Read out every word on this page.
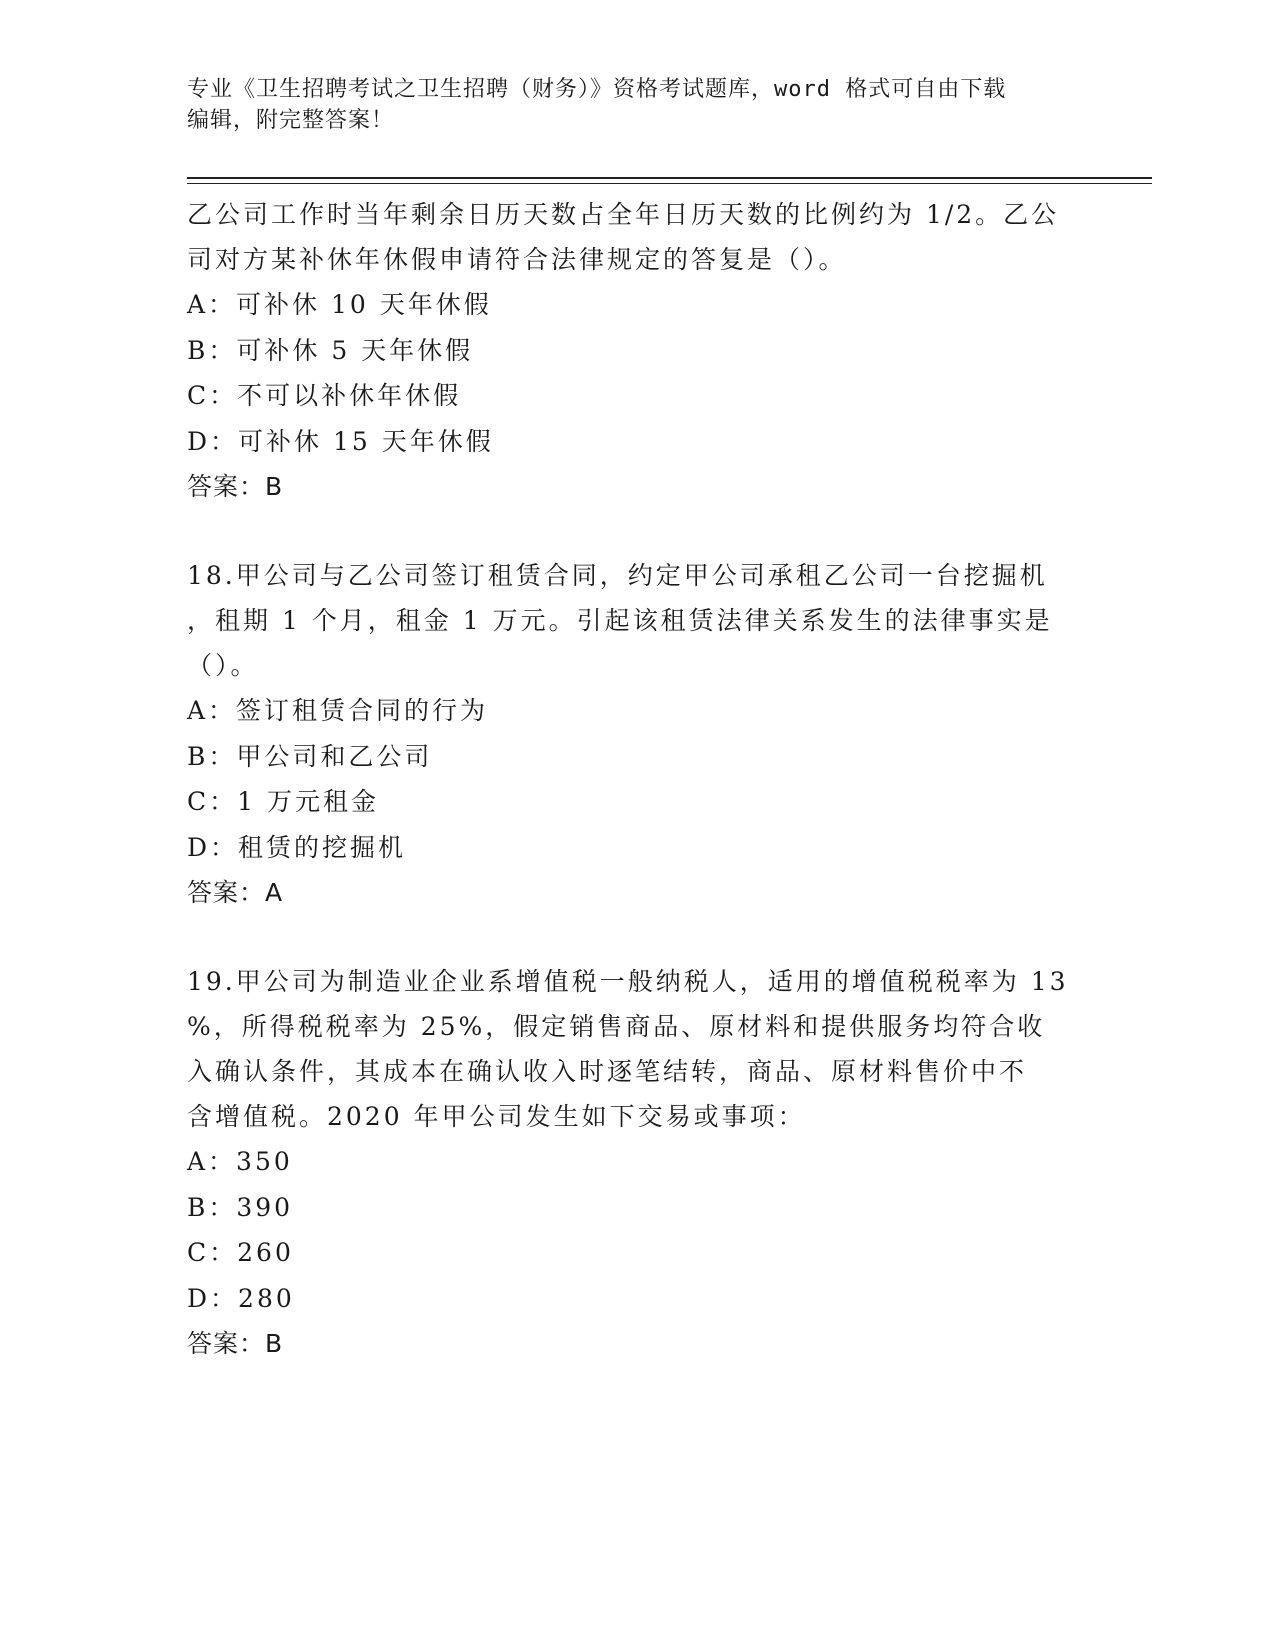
专业《卫生招聘考试之卫生招聘（财务）》资格考试题库，word 格式可自由下载
编辑，附完整答案！

乙公司工作时当年剩余日历天数占全年日历天数的比例约为 1/2。乙公

司对方某补休年休假申请符合法律规定的答复是（）。

A：可补休 10 天年休假

B：可补休 5 天年休假

C：不可以补休年休假

D：可补休 15 天年休假

答案：B

18.甲公司与乙公司签订租赁合同，约定甲公司承租乙公司一台挖掘机

，租期 1 个月，租金 1 万元。引起该租赁法律关系发生的法律事实是

（）。

A：签订租赁合同的行为

B：甲公司和乙公司

C：1 万元租金

D：租赁的挖掘机

答案：A

19.甲公司为制造业企业系增值税一般纳税人，适用的增值税税率为 13

%，所得税税率为 25%，假定销售商品、原材料和提供服务均符合收

入确认条件，其成本在确认收入时逐笔结转，商品、原材料售价中不

含增值税。2020 年甲公司发生如下交易或事项：

A：350

B：390

C：260

D：280

答案：B
